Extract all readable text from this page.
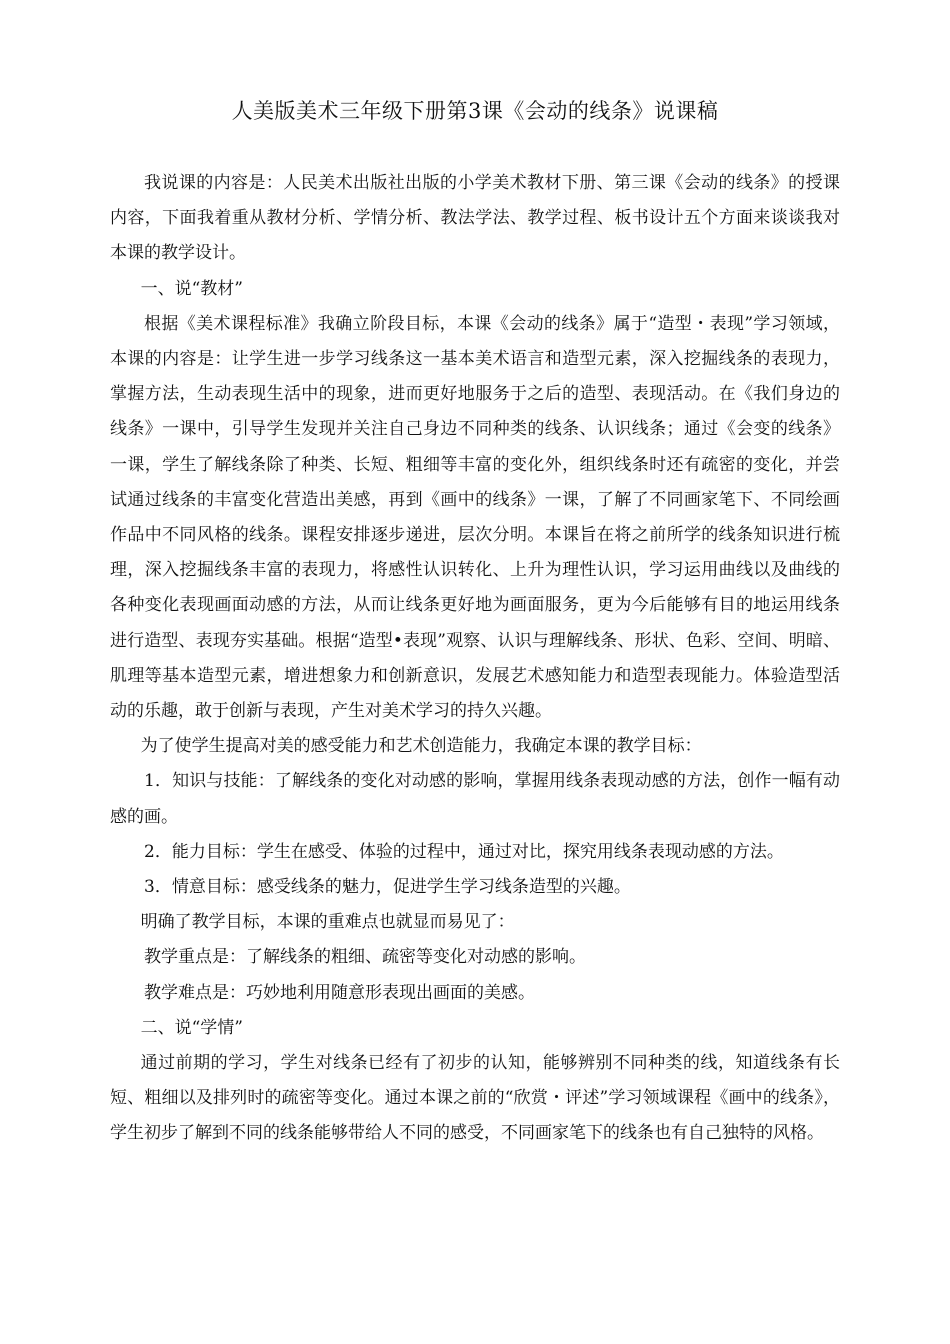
人美版美术三年级下册第3课《会动的线条》说课稿

我说课的内容是：人民美术出版社出版的小学美术教材下册、第三课《会动的线条》的授课内容，下面我着重从教材分析、学情分析、教法学法、教学过程、板书设计五个方面来谈谈我对本课的教学设计。

一、说“教材”

根据《美术课程标准》我确立阶段目标，本课《会动的线条》属于“造型・表现”学习领域，本课的内容是：让学生进一步学习线条这一基本美术语言和造型元素，深入挖掘线条的表现力，掌握方法，生动表现生活中的现象，进而更好地服务于之后的造型、表现活动。在《我们身边的线条》一课中，引导学生发现并关注自己身边不同种类的线条、认识线条；通过《会变的线条》一课，学生了解线条除了种类、长短、粗细等丰富的变化外，组织线条时还有疏密的变化，并尝试通过线条的丰富变化营造出美感，再到《画中的线条》一课，了解了不同画家笔下、不同绘画作品中不同风格的线条。课程安排逐步递进，层次分明。本课旨在将之前所学的线条知识进行梳理，深入挖掘线条丰富的表现力，将感性认识转化、上升为理性认识，学习运用曲线以及曲线的各种变化表现画面动感的方法，从而让线条更好地为画面服务，更为今后能够有目的地运用线条进行造型、表现夯实基础。根据“造型•表现”观察、认识与理解线条、形状、色彩、空间、明暗、肌理等基本造型元素，增进想象力和创新意识，发展艺术感知能力和造型表现能力。体验造型活动的乐趣，敢于创新与表现，产生对美术学习的持久兴趣。

为了使学生提高对美的感受能力和艺术创造能力，我确定本课的教学目标：

1．知识与技能：了解线条的变化对动感的影响，掌握用线条表现动感的方法，创作一幅有动感的画。

2．能力目标：学生在感受、体验的过程中，通过对比，探究用线条表现动感的方法。

3．情意目标：感受线条的魅力，促进学生学习线条造型的兴趣。

明确了教学目标，本课的重难点也就显而易见了：

教学重点是：了解线条的粗细、疏密等变化对动感的影响。

教学难点是：巧妙地利用随意形表现出画面的美感。

二、说“学情”

通过前期的学习，学生对线条已经有了初步的认知，能够辨别不同种类的线，知道线条有长短、粗细以及排列时的疏密等变化。通过本课之前的“欣赏・评述”学习领域课程《画中的线条》，学生初步了解到不同的线条能够带给人不同的感受，不同画家笔下的线条也有自己独特的风格。
